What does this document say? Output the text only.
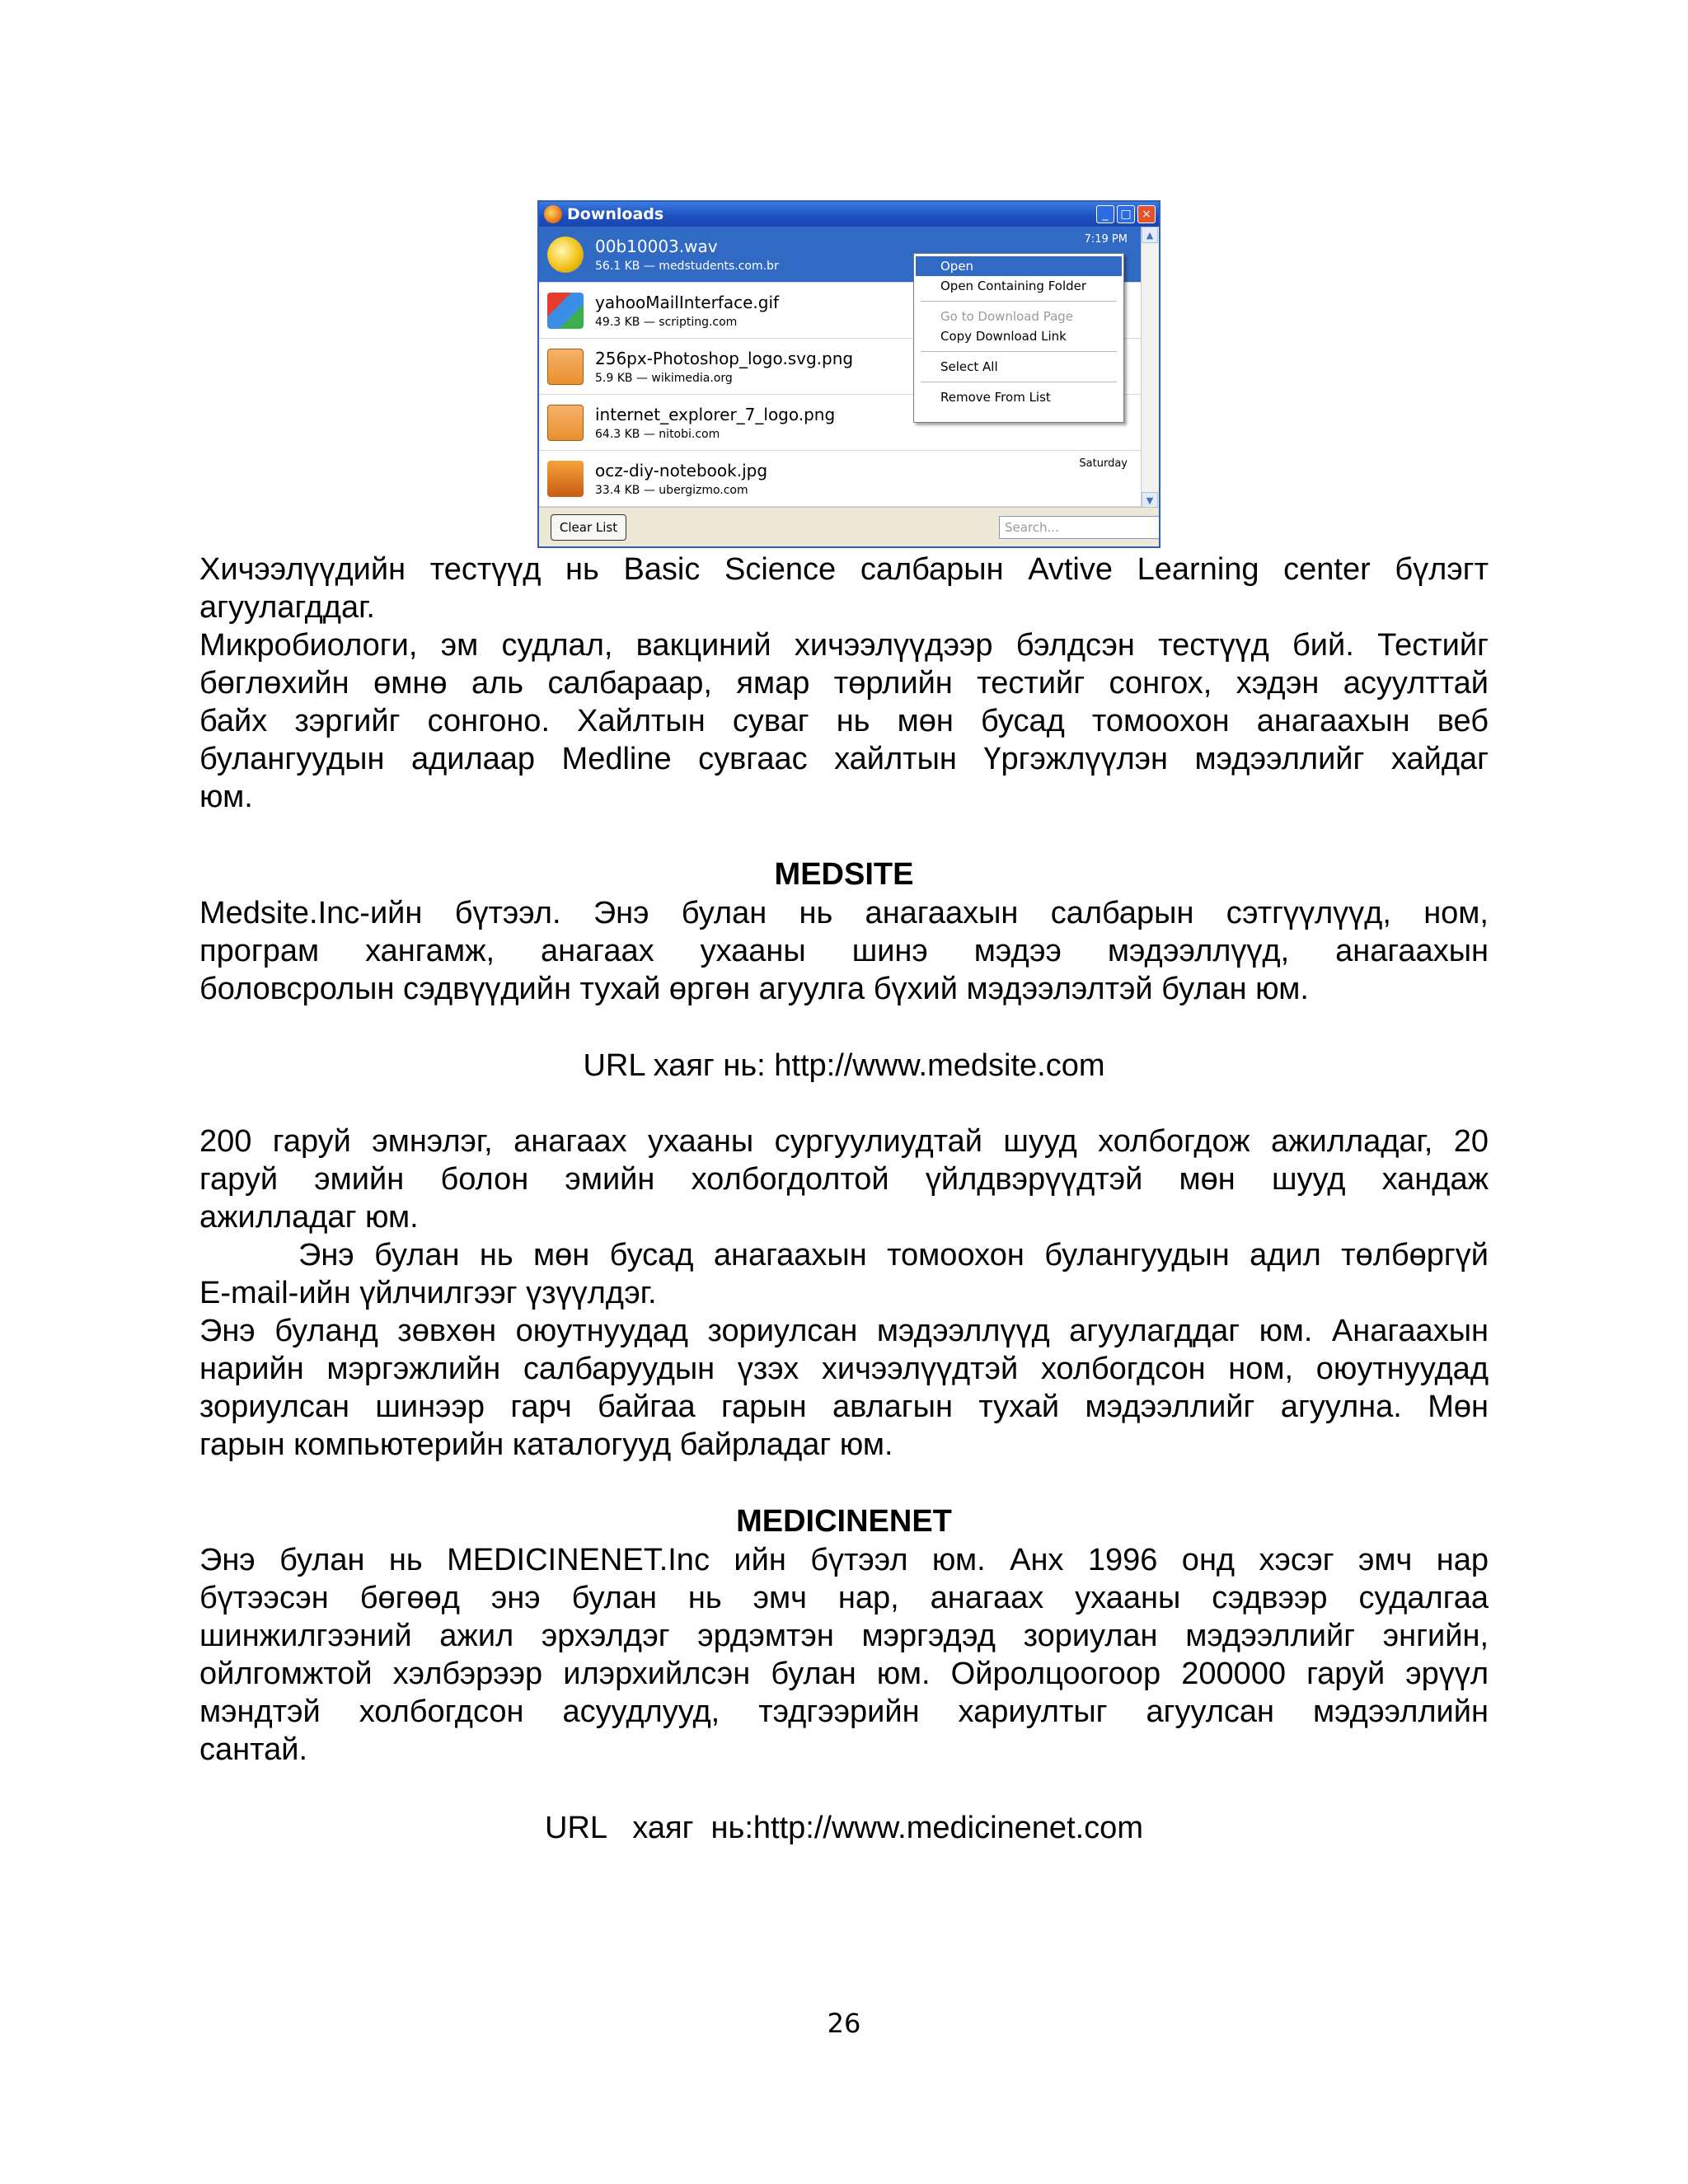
Downloads	_	□ ×
00b10003.wav
56.1 KB — medstudents.com.br
7:19 PM
yahooMailInterface.gif
49.3 KB — scripting.com
256px-Photoshop_logo.svg.png
5.9 KB — wikimedia.org
internet_explorer_7_logo.png
64.3 KB — nitobi.com
ocz-diy-notebook.jpg
33.4 KB — ubergizmo.com
Saturday
▲
▼
Open
Open Containing Folder
Go to Download Page
Copy Download Link
Select All
Remove From List
Clear List	Search...
Хичээлүүдийн тестүүд нь Basic Science салбарын Avtive Learning center бүлэгт
агуулагддаг.
Микробиологи, эм судлал, вакциний хичээлүүдээр бэлдсэн тестүүд бий. Тестийг
бөглөхийн өмнө аль салбараар, ямар төрлийн тестийг сонгох, хэдэн асуулттай
байх зэргийг сонгоно. Хайлтын суваг нь мөн бусад томоохон анагаахын веб
булангуудын адилаар Medline сувгаас хайлтын Үргэжлүүлэн мэдээллийг хайдаг
юм.
MEDSITE
Medsite.Inc-ийн бүтээл. Энэ булан нь анагаахын салбарын сэтгүүлүүд, ном,
програм хангамж, анагаах ухааны шинэ мэдээ мэдээллүүд, анагаахын
боловсролын сэдвүүдийн тухай өргөн агуулга бүхий мэдээлэлтэй булан юм.
URL хаяг нь: http://www.medsite.com
200 гаруй эмнэлэг, анагаах ухааны сургуулиудтай шууд холбогдож ажилладаг, 20
гаруй эмийн болон эмийн холбогдолтой үйлдвэрүүдтэй мөн шууд хандаж
ажилладаг юм.
Энэ булан нь мөн бусад анагаахын томоохон булангуудын адил төлбөргүй
E-mail-ийн үйлчилгээг үзүүлдэг.
Энэ буланд зөвхөн оюутнуудад зориулсан мэдээллүүд агуулагддаг юм. Анагаахын
нарийн мэргэжлийн салбаруудын үзэх хичээлүүдтэй холбогдсон ном, оюутнуудад
зориулсан шинээр гарч байгаа гарын авлагын тухай мэдээллийг агуулна. Мөн
гарын компьютерийн каталогууд байрладаг юм.
MEDICINENET
Энэ булан нь MEDICINENET.Inc ийн бүтээл юм. Анх 1996 онд хэсэг эмч нар
бүтээсэн бөгөөд энэ булан нь эмч нар, анагаах ухааны сэдвээр судалгаа
шинжилгээний ажил эрхэлдэг эрдэмтэн мэргэдэд зориулан мэдээллийг энгийн,
ойлгомжтой хэлбэрээр илэрхийлсэн булан юм. Ойролцоогоор 200000 гаруй эрүүл
мэндтэй холбогдсон асуудлууд, тэдгээрийн хариултыг агуулсан мэдээллийн
сантай.
URL   хаяг  нь:http://www.medicinenet.com
26
